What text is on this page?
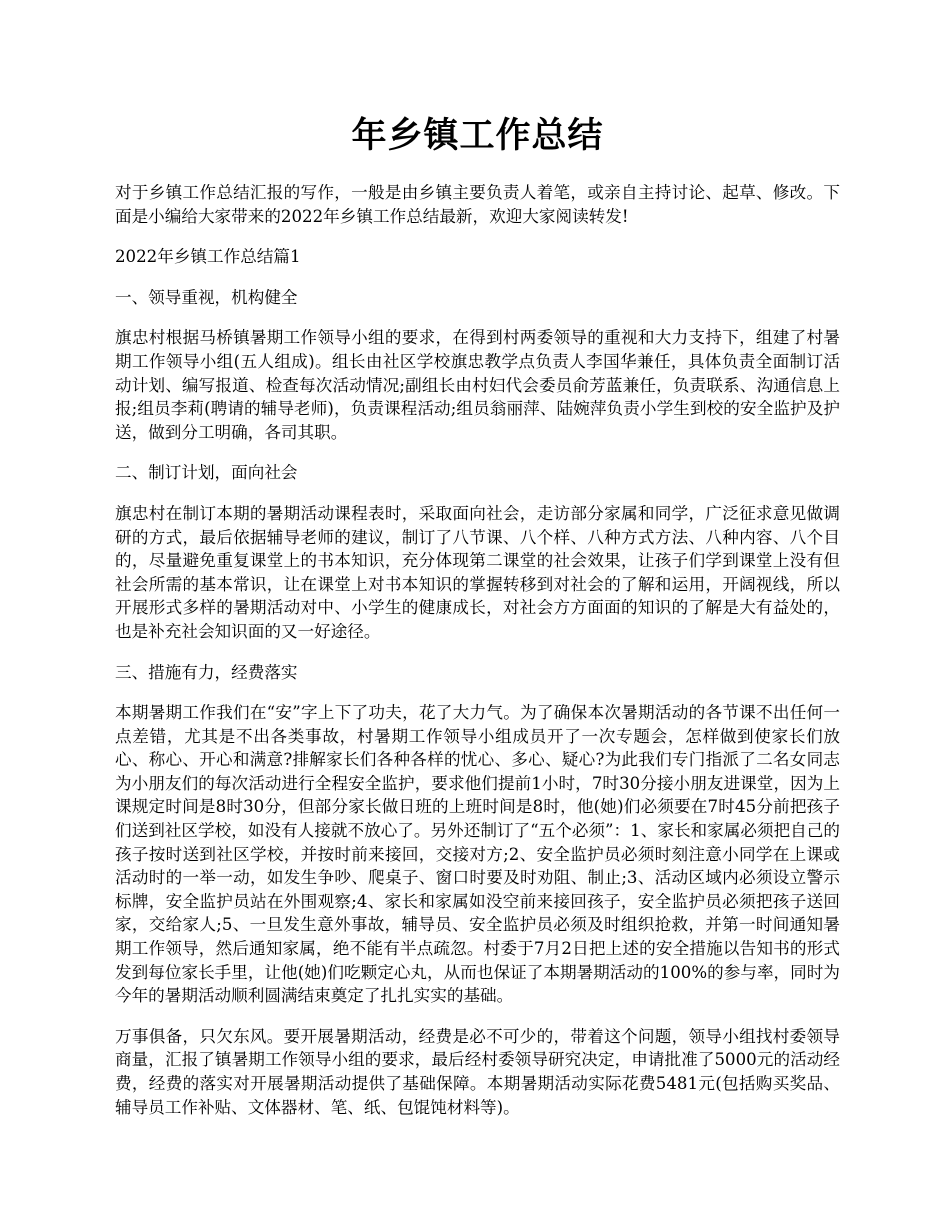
年乡镇工作总结

对于乡镇工作总结汇报的写作，一般是由乡镇主要负责人着笔，或亲自主持讨论、起草、修改。下面是小编给大家带来的2022年乡镇工作总结最新，欢迎大家阅读转发!

2022年乡镇工作总结篇1

一、领导重视，机构健全

旗忠村根据马桥镇暑期工作领导小组的要求，在得到村两委领导的重视和大力支持下，组建了村暑期工作领导小组(五人组成)。组长由社区学校旗忠教学点负责人李国华兼任，具体负责全面制订活动计划、编写报道、检查每次活动情况;副组长由村妇代会委员俞芳蓝兼任，负责联系、沟通信息上报;组员李莉(聘请的辅导老师)，负责课程活动;组员翁丽萍、陆婉萍负责小学生到校的安全监护及护送，做到分工明确，各司其职。

二、制订计划，面向社会

旗忠村在制订本期的暑期活动课程表时，采取面向社会，走访部分家属和同学，广泛征求意见做调研的方式，最后依据辅导老师的建议，制订了八节课、八个样、八种方式方法、八种内容、八个目的，尽量避免重复课堂上的书本知识，充分体现第二课堂的社会效果，让孩子们学到课堂上没有但社会所需的基本常识，让在课堂上对书本知识的掌握转移到对社会的了解和运用，开阔视线，所以开展形式多样的暑期活动对中、小学生的健康成长，对社会方方面面的知识的了解是大有益处的，也是补充社会知识面的又一好途径。

三、措施有力，经费落实

本期暑期工作我们在“安”字上下了功夫，花了大力气。为了确保本次暑期活动的各节课不出任何一点差错，尤其是不出各类事故，村暑期工作领导小组成员开了一次专题会，怎样做到使家长们放心、称心、开心和满意?排解家长们各种各样的忧心、多心、疑心?为此我们专门指派了二名女同志为小朋友们的每次活动进行全程安全监护，要求他们提前1小时，7时30分接小朋友进课堂，因为上课规定时间是8时30分，但部分家长做日班的上班时间是8时，他(她)们必须要在7时45分前把孩子们送到社区学校，如没有人接就不放心了。另外还制订了“五个必须”：1、家长和家属必须把自己的孩子按时送到社区学校，并按时前来接回，交接对方;2、安全监护员必须时刻注意小同学在上课或活动时的一举一动，如发生争吵、爬桌子、窗口时要及时劝阻、制止;3、活动区域内必须设立警示标牌，安全监护员站在外围观察;4、家长和家属如没空前来接回孩子，安全监护员必须把孩子送回家，交给家人;5、一旦发生意外事故，辅导员、安全监护员必须及时组织抢救，并第一时间通知暑期工作领导，然后通知家属，绝不能有半点疏忽。村委于7月2日把上述的安全措施以告知书的形式发到每位家长手里，让他(她)们吃颗定心丸，从而也保证了本期暑期活动的100%的参与率，同时为今年的暑期活动顺利圆满结束奠定了扎扎实实的基础。

万事俱备，只欠东风。要开展暑期活动，经费是必不可少的，带着这个问题，领导小组找村委领导商量，汇报了镇暑期工作领导小组的要求，最后经村委领导研究决定，申请批准了5000元的活动经费，经费的落实对开展暑期活动提供了基础保障。本期暑期活动实际花费5481元(包括购买奖品、辅导员工作补贴、文体器材、笔、纸、包馄饨材料等)。
